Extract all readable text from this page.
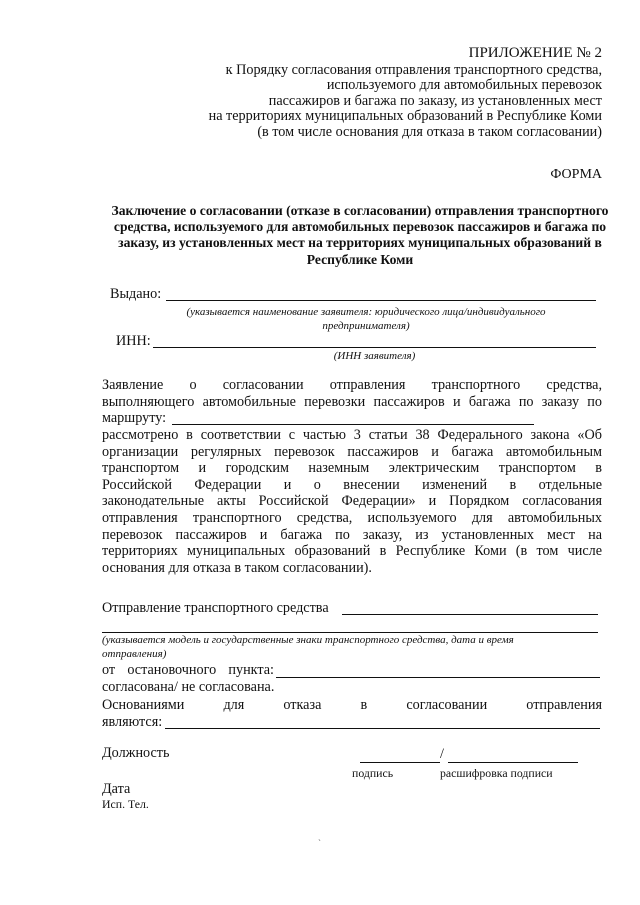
ПРИЛОЖЕНИЕ № 2
к Порядку согласования отправления транспортного средства,
используемого для автомобильных перевозок
пассажиров и багажа по заказу, из установленных мест
на территориях муниципальных образований в Республике Коми
(в том числе основания для отказа в таком согласовании)
ФОРМА
Заключение о согласовании (отказе в согласовании) отправления транспортного средства, используемого для автомобильных перевозок пассажиров и багажа по заказу, из установленных мест на территориях муниципальных образований в Республике Коми
Выдано:
(указывается наименование заявителя: юридического лица/индивидуального
предпринимателя)
ИНН:
(ИНН заявителя)
Заявление о согласовании отправления транспортного средства,
выполняющего автомобильные перевозки пассажиров и багажа по заказу по
маршруту:
рассмотрено в соответствии с частью 3 статьи 38 Федерального закона «Об
организации регулярных перевозок пассажиров и багажа автомобильным
транспортом и городским наземным электрическим транспортом в
Российской Федерации и о внесении изменений в отдельные
законодательные акты Российской Федерации» и Порядком согласования
отправления транспортного средства, используемого для автомобильных
перевозок пассажиров и багажа по заказу, из установленных мест на
территориях муниципальных образований в Республике Коми (в том числе
основания для отказа в таком согласовании).
Отправление транспортного средства
(указывается модель и государственные знаки транспортного средства, дата и время
отправления)
от остановочного пункта:
согласована/ не согласована.
Основаниями для отказа в согласовании отправления
являются:
Должность	/
подпись	расшифровка подписи
Дата
Исп. Тел.
`
